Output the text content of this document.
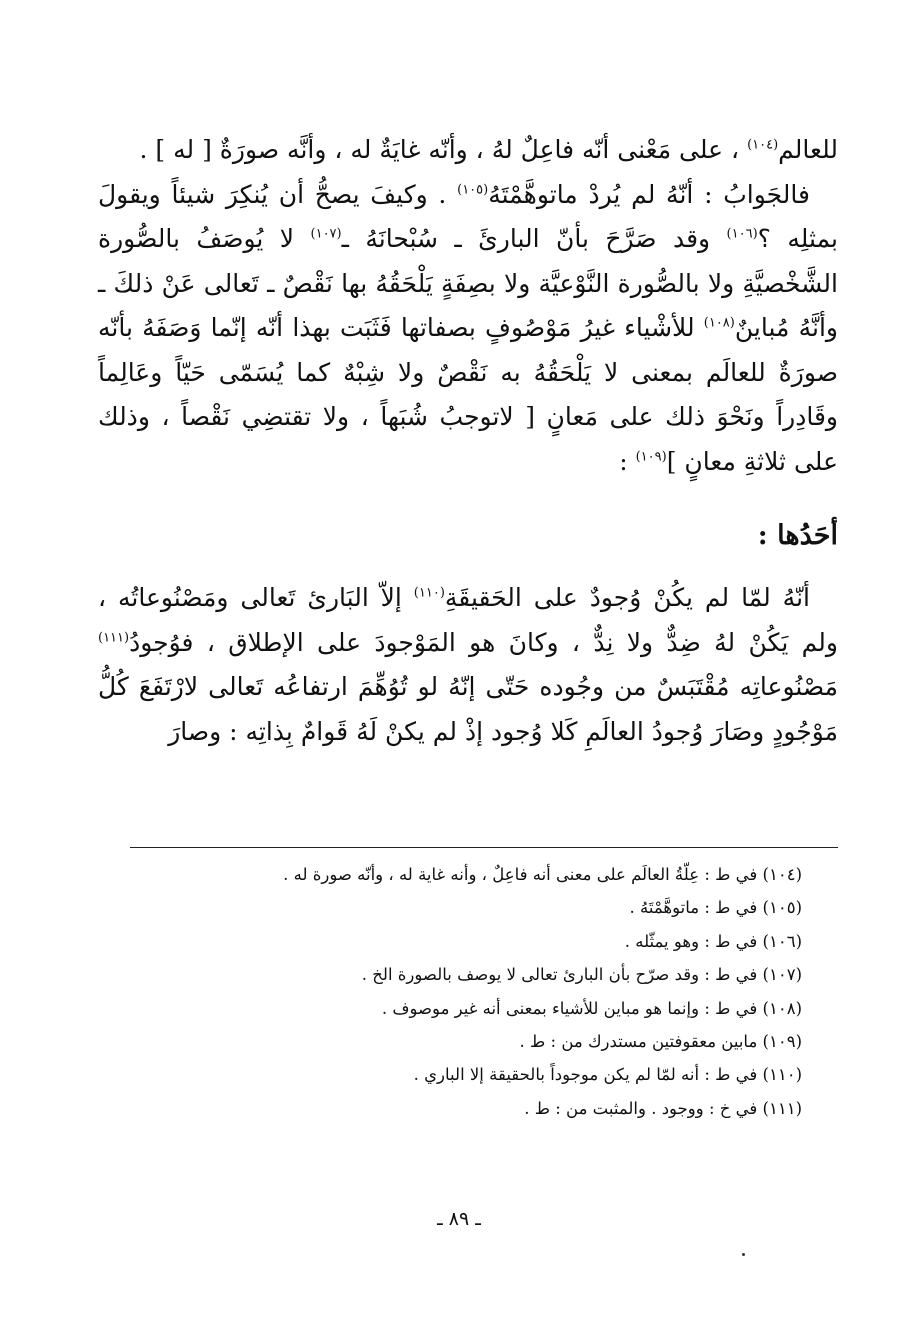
للعالم$^{(١٠٤)}$ ، على مَعْنى أنّه فاعِلٌ لهُ ، وأنّه غايَةٌ له ، وأنَّه صورَةٌ [ له ] .

فالجَوابُ : أنّهُ لم يُردْ ماتوهَّمْتَهُ$^{(١٠٥)}$ . وكيفَ يصحُّ أن يُنكِرَ شيئاً ويقولَ بمثلِه ؟$^{(١٠٦)}$ وقد صَرَّحَ بأنّ البارئَ ـ سُبْحانَهُ ـ$^{(١٠٧)}$ لا يُوصَفُ بالصُّورة الشَّخْصيَّةِ ولا بالصُّورة النَّوْعيَّة ولا بصِفَةٍ يَلْحَقُهُ بها نَقْصٌ ـ تَعالى عَنْ ذلكَ ـ وأنَّهُ مُباينٌ$^{(١٠٨)}$ للأشْياء غيرُ مَوْصُوفٍ بصفاتها فَثَبَت بهذا أنّه إنّما وَصَفَهُ بأنّه صورَةٌ للعالَم بمعنى لا يَلْحَقُهُ به نَقْصٌ ولا شِبْهٌ كما يُسَمّى حَيّاً وعَالِماً وقَادِراً ونَحْوَ ذلك على مَعانٍ [ لاتوجبُ شُبَهاً ، ولا تقتضِي نَقْصاً ، وذلك على ثلاثةِ معانٍ ]$^{(١٠٩)}$ :

أحَدُها :

أنّهُ لمّا لم يكُنْ وُجودٌ على الحَقيقَةِ$^{(١١٠)}$ إلاّ البَارئ تَعالى ومَصْنُوعاتُه ، ولم يَكُنْ لهُ ضِدٌّ ولا نِدٌّ ، وكانَ هو المَوْجودَ على الإطلاق ، فوُجودُ$^{(١١١)}$ مَصْنُوعاتِه مُقْتَبَسٌ من وجُوده حَتّى إنّهُ لو تُوُهِّمَ ارتفاعُه تَعالى لارْتَفَعَ كُلُّ مَوْجُودٍ وصَارَ وُجودُ العالَمِ كَلا وُجود إذْ لم يكنْ لَهُ قَوامٌ بِذاتِه : وصارَ

(١٠٤) في ط : عِلّةُ العالَم على معنى أنه فاعِلٌ ، وأنه غاية له ، وأنّه صورة له .

(١٠٥) في ط : ماتوهَّمْتَهُ .

(١٠٦) في ط : وهو يمثّله .

(١٠٧) في ط : وقد صرّح بأن البارئ تعالى لا يوصف بالصورة الخ .

(١٠٨) في ط : وإنما هو مباين للأشياء بمعنى أنه غير موصوف .

(١٠٩) مابين معقوفتين مستدرك من : ط .

(١١٠) في ط : أنه لمّا لم يكن موجوداً بالحقيقة إلا الباري .

(١١١) في خ : ووجود . والمثبت من : ط .

ـ ٨٩ ـ
